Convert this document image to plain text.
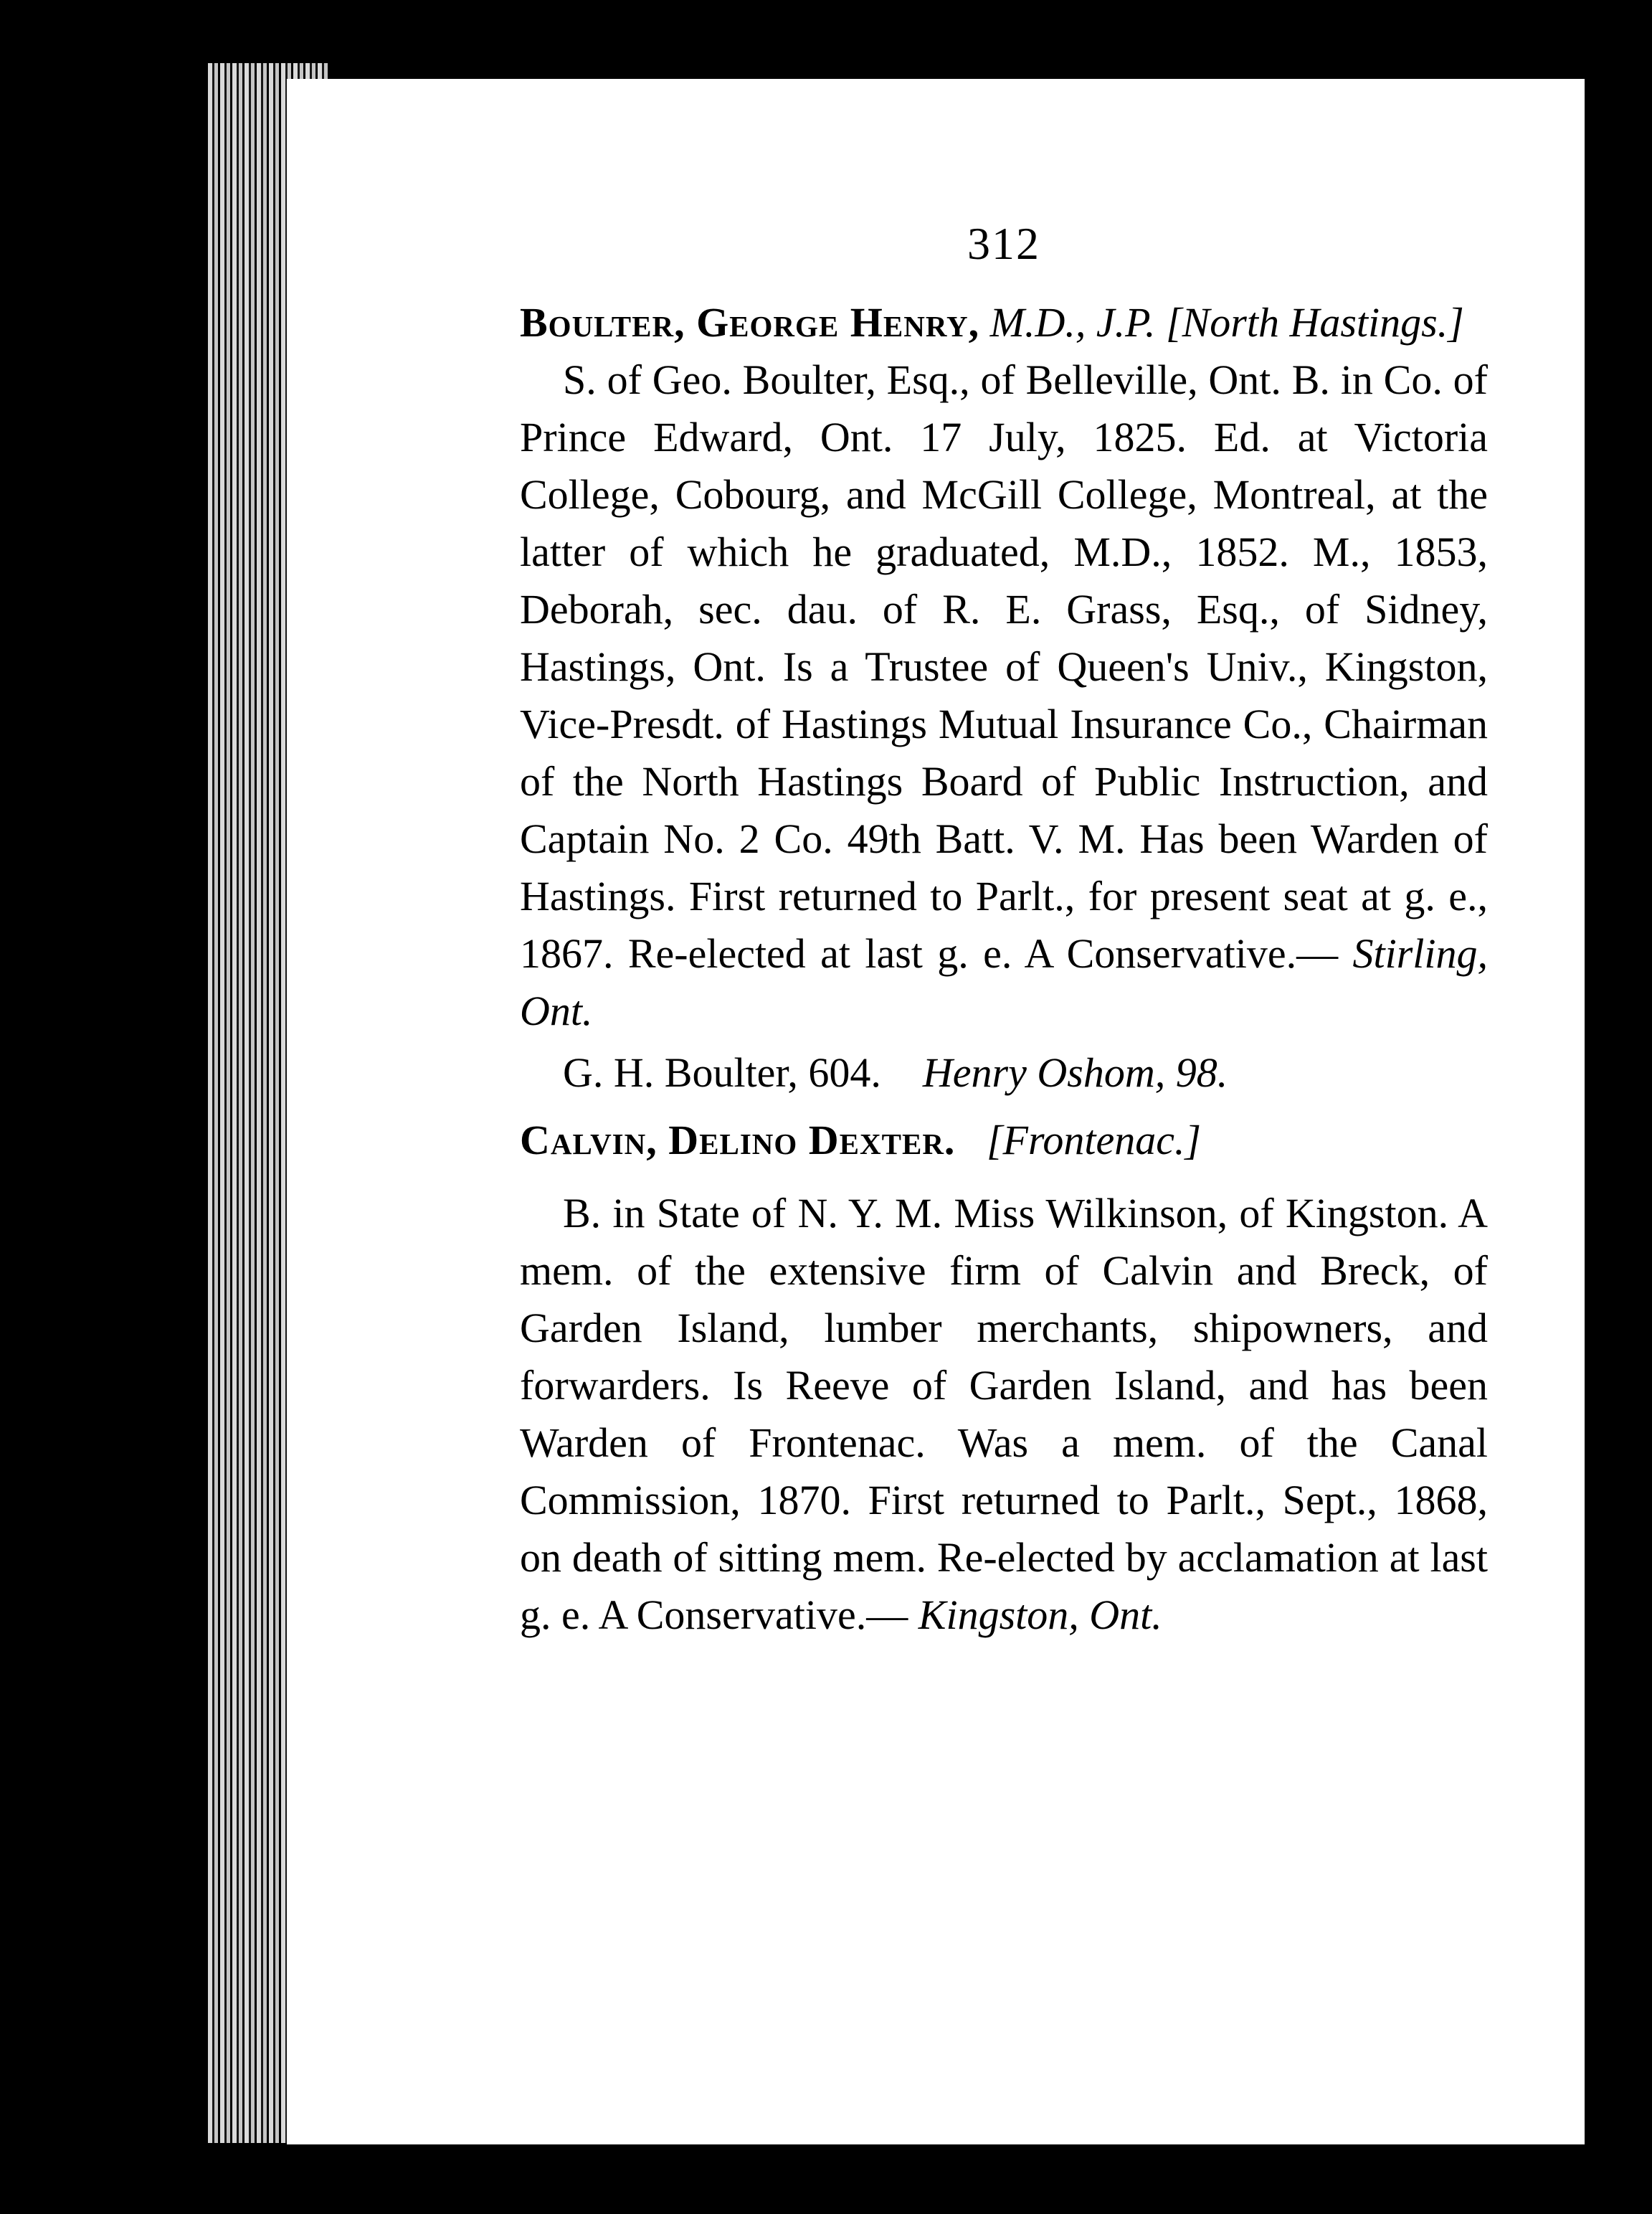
312
Boulter, George Henry, M.D., J.P. [North Hastings.]

S. of Geo. Boulter, Esq., of Belleville, Ont. B. in Co. of Prince Edward, Ont. 17 July, 1825. Ed. at Victoria College, Cobourg, and McGill College, Montreal, at the latter of which he graduated, M.D., 1852. M., 1853, Deborah, sec. dau. of R. E. Grass, Esq., of Sidney, Hastings, Ont. Is a Trustee of Queen's Univ., Kingston, Vice-Presdt. of Hastings Mutual Insurance Co., Chairman of the North Hastings Board of Public Instruction, and Captain No. 2 Co. 49th Batt. V. M. Has been Warden of Hastings. First returned to Parlt., for present seat at g. e., 1867. Re-elected at last g. e. A Conservative.— Stirling, Ont.

G. H. Boulter, 604. Henry Oshom, 98.
Calvin, Delino Dexter. [Frontenac.]

B. in State of N. Y. M. Miss Wilkinson, of Kingston. A mem. of the extensive firm of Calvin and Breck, of Garden Island, lumber merchants, shipowners, and forwarders. Is Reeve of Garden Island, and has been Warden of Frontenac. Was a mem. of the Canal Commission, 1870. First returned to Parlt., Sept., 1868, on death of sitting mem. Re-elected by acclamation at last g. e. A Conservative.— Kingston, Ont.
